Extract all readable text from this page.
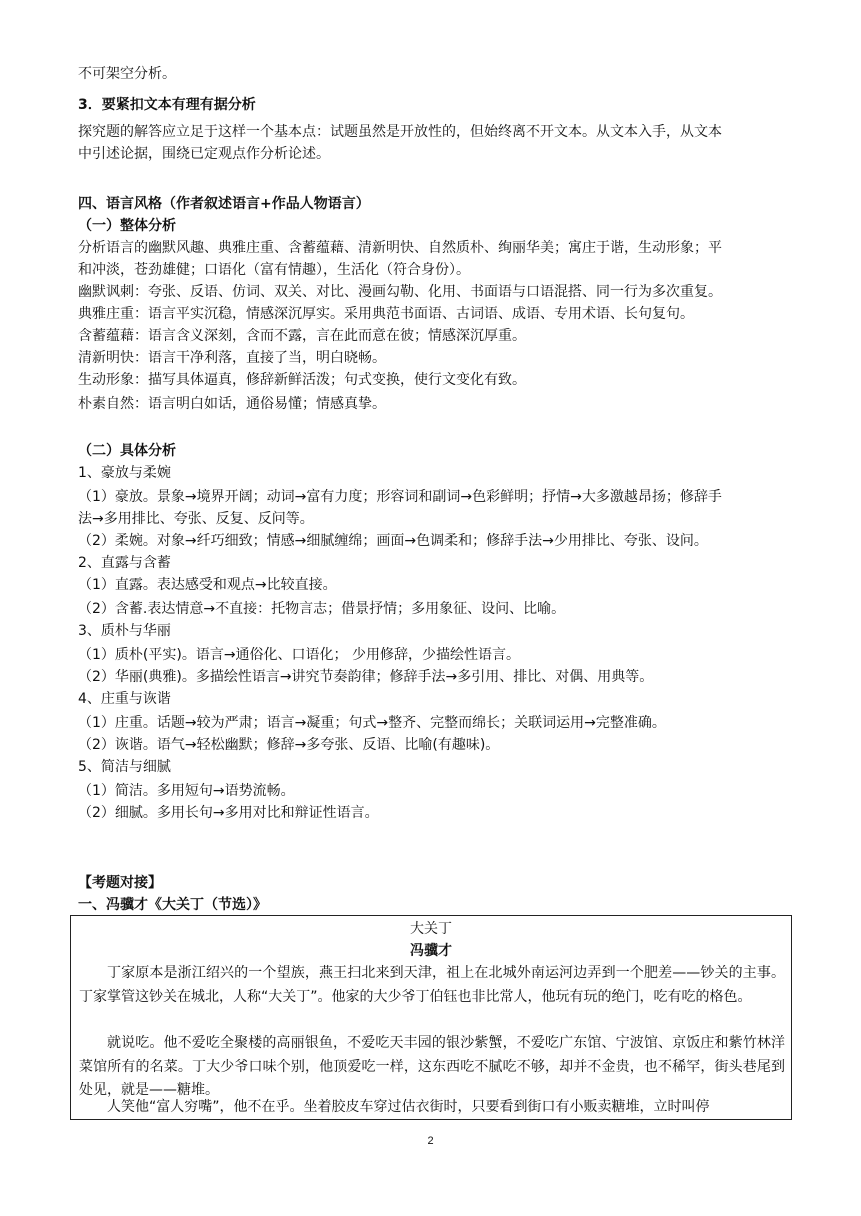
不可架空分析。
3．要紧扣文本有理有据分析
探究题的解答应立足于这样一个基本点：试题虽然是开放性的，但始终离不开文本。从文本入手，从文本
中引述论据，围绕已定观点作分析论述。
四、语言风格（作者叙述语言+作品人物语言）
（一）整体分析
分析语言的幽默风趣、典雅庄重、含蓄蕴藉、清新明快、自然质朴、绚丽华美；寓庄于谐，生动形象；平
和冲淡，苍劲雄健；口语化（富有情趣），生活化（符合身份）。
幽默讽刺：夸张、反语、仿词、双关、对比、漫画勾勒、化用、书面语与口语混搭、同一行为多次重复。
典雅庄重：语言平实沉稳，情感深沉厚实。采用典范书面语、古词语、成语、专用术语、长句复句。
含蓄蕴藉：语言含义深刻，含而不露，言在此而意在彼；情感深沉厚重。
清新明快：语言干净利落，直接了当，明白晓畅。
生动形象：描写具体逼真，修辞新鲜活泼；句式变换，使行文变化有致。
朴素自然：语言明白如话，通俗易懂；情感真挚。
（二）具体分析
1、豪放与柔婉
（1）豪放。景象→境界开阔；动词→富有力度；形容词和副词→色彩鲜明；抒情→大多激越昂扬；修辞手
法→多用排比、夸张、反复、反问等。
（2）柔婉。对象→纤巧细致；情感→细腻缠绵；画面→色调柔和；修辞手法→少用排比、夸张、设问。
2、直露与含蓄
（1）直露。表达感受和观点→比较直接。
（2）含蓄.表达情意→不直接：托物言志；借景抒情；多用象征、设问、比喻。
3、质朴与华丽
（1）质朴(平实)。语言→通俗化、口语化； 少用修辞，少描绘性语言。
（2）华丽(典雅)。多描绘性语言→讲究节奏韵律；修辞手法→多引用、排比、对偶、用典等。
4、庄重与诙谐
（1）庄重。话题→较为严肃；语言→凝重；句式→整齐、完整而绵长；关联词运用→完整准确。
（2）诙谐。语气→轻松幽默；修辞→多夸张、反语、比喻(有趣味)。
5、简洁与细腻
（1）简洁。多用短句→语势流畅。
（2）细腻。多用长句→多用对比和辩证性语言。
【考题对接】
一、冯骥才《大关丁（节选）》
大关丁
冯骥才
丁家原本是浙江绍兴的一个望族，燕王扫北来到天津，祖上在北城外南运河边弄到一个肥差——钞关的主事。丁家掌管这钞关在城北，人称“大关丁”。他家的大少爷丁伯钰也非比常人，他玩有玩的绝门，吃有吃的格色。
就说吃。他不爱吃全聚楼的高丽银鱼，不爱吃天丰园的银沙紫蟹，不爱吃广东馆、宁波馆、京饭庄和紫竹林洋菜馆所有的名菜。丁大少爷口味个别，他顶爱吃一样，这东西吃不腻吃不够，却并不金贵，也不稀罕，街头巷尾到处见，就是——糖堆。
人笑他“富人穷嘴”，他不在乎。坐着胶皮车穿过估衣街时，只要看到街口有小贩卖糖堆，立时叫停
2
